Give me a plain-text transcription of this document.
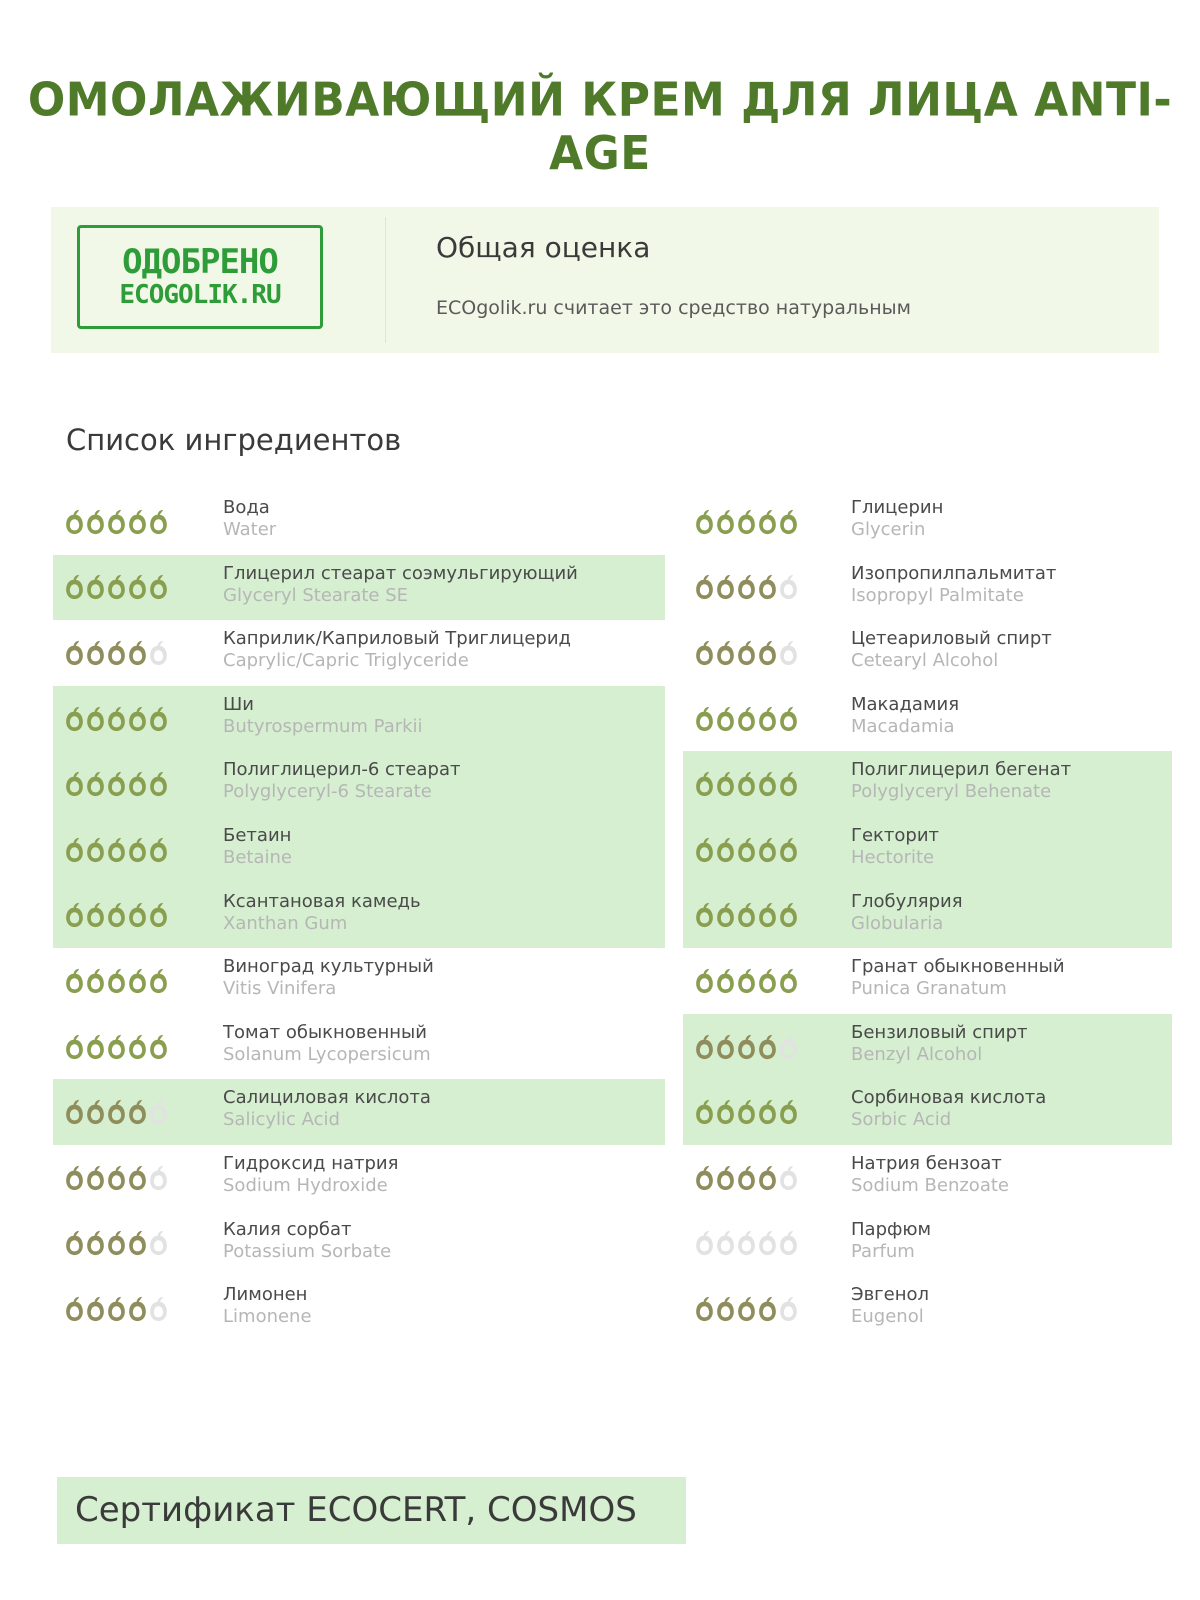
ОМОЛАЖИВАЮЩИЙ КРЕМ ДЛЯ ЛИЦА ANTI-AGE
ОДОБРЕНО
ECOGOLIK.RU
Общая оценка
ECOgolik.ru считает это средство натуральным
Список ингредиентов
Вода
Water
Глицерил стеарат соэмульгирующий
Glyceryl Stearate SE
Каприлик/Каприловый Триглицерид
Caprylic/Capric Triglyceride
Ши
Butyrospermum Parkii
Полиглицерил-6 стеарат
Polyglyceryl-6 Stearate
Бетаин
Betaine
Ксантановая камедь
Xanthan Gum
Виноград культурный
Vitis Vinifera
Томат обыкновенный
Solanum Lycopersicum
Салициловая кислота
Salicylic Acid
Гидроксид натрия
Sodium Hydroxide
Калия сорбат
Potassium Sorbate
Лимонен
Limonene
Глицерин
Glycerin
Изопропилпальмитат
Isopropyl Palmitate
Цетеариловый спирт
Cetearyl Alcohol
Макадамия
Macadamia
Полиглицерил бегенат
Polyglyceryl Behenate
Гекторит
Hectorite
Глобулярия
Globularia
Гранат обыкновенный
Punica Granatum
Бензиловый спирт
Benzyl Alcohol
Сорбиновая кислота
Sorbic Acid
Натрия бензоат
Sodium Benzoate
Парфюм
Parfum
Эвгенол
Eugenol
Сертификат ECOCERT, COSMOS
